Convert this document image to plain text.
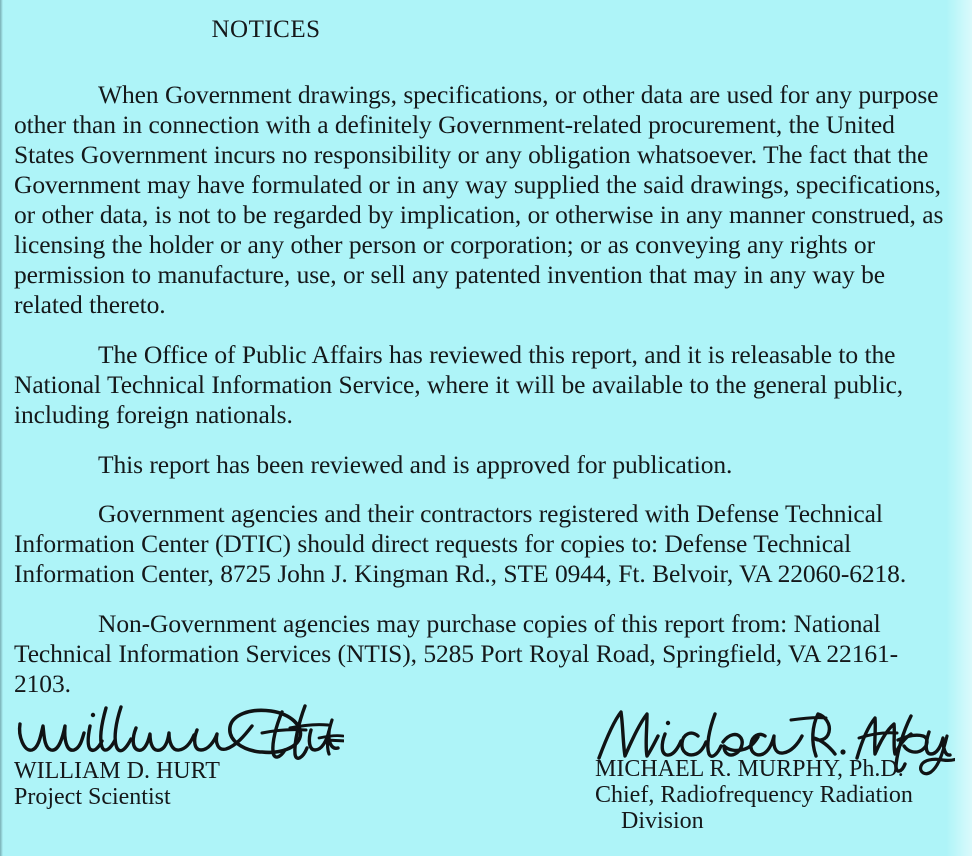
NOTICES

When Government drawings, specifications, or other data are used for any purpose other than in connection with a definitely Government-related procurement, the United States Government incurs no responsibility or any obligation whatsoever. The fact that the Government may have formulated or in any way supplied the said drawings, specifications, or other data, is not to be regarded by implication, or otherwise in any manner construed, as licensing the holder or any other person or corporation; or as conveying any rights or permission to manufacture, use, or sell any patented invention that may in any way be related thereto.

The Office of Public Affairs has reviewed this report, and it is releasable to the National Technical Information Service, where it will be available to the general public, including foreign nationals.

This report has been reviewed and is approved for publication.

Government agencies and their contractors registered with Defense Technical Information Center (DTIC) should direct requests for copies to: Defense Technical Information Center, 8725 John J. Kingman Rd., STE 0944, Ft. Belvoir, VA 22060-6218.

Non-Government agencies may purchase copies of this report from: National Technical Information Services (NTIS), 5285 Port Royal Road, Springfield, VA 22161-2103.

WILLIAM D. HURT
Project Scientist
MICHAEL R. MURPHY, Ph.D.
Chief, Radiofrequency Radiation
Division
